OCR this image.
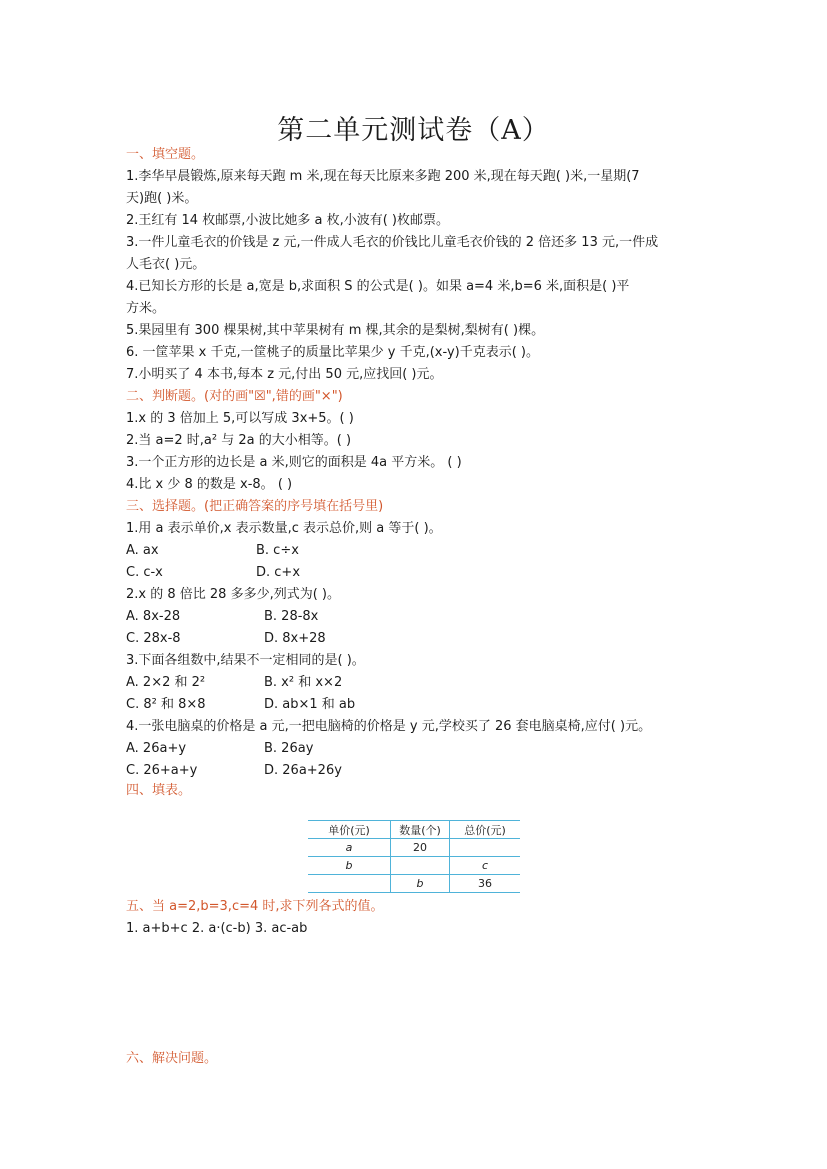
第二单元测试卷（A）
一、填空题。
1.李华早晨锻炼,原来每天跑 m 米,现在每天比原来多跑 200 米,现在每天跑( )米,一星期(7
天)跑( )米。
2.王红有 14 枚邮票,小波比她多 a 枚,小波有( )枚邮票。
3.一件儿童毛衣的价钱是 z 元,一件成人毛衣的价钱比儿童毛衣价钱的 2 倍还多 13 元,一件成
人毛衣( )元。
4.已知长方形的长是 a,宽是 b,求面积 S 的公式是( )。如果 a=4 米,b=6 米,面积是( )平
方米。
5.果园里有 300 棵果树,其中苹果树有 m 棵,其余的是梨树,梨树有( )棵。
6. 一筐苹果 x 千克,一筐桃子的质量比苹果少 y 千克,(x-y)千克表示( )。
7.小明买了 4 本书,每本 z 元,付出 50 元,应找回( )元。
二、判断题。(对的画"☒",错的画"×")
1.x 的 3 倍加上 5,可以写成 3x+5。( )
2.当 a=2 时,a² 与 2a 的大小相等。( )
3.一个正方形的边长是 a 米,则它的面积是 4a 平方米。 ( )
4.比 x 少 8 的数是 x-8。 ( )
三、选择题。(把正确答案的序号填在括号里)
1.用 a 表示单价,x 表示数量,c 表示总价,则 a 等于( )。
A. ax	B. c÷x
C. c-x	D. c+x
2.x 的 8 倍比 28 多多少,列式为( )。
A. 8x-28	B. 28-8x
C. 28x-8	D. 8x+28
3.下面各组数中,结果不一定相同的是( )。
A. 2×2 和 2²	B. x² 和 x×2
C. 8² 和 8×8	D. ab×1 和 ab
4.一张电脑桌的价格是 a 元,一把电脑椅的价格是 y 元,学校买了 26 套电脑桌椅,应付( )元。
A. 26a+y	B. 26ay
C. 26+a+y	D. 26a+26y
四、填表。
单价(元)	数量(个)	总价(元)
a	20	
b		c
	b	36
五、当 a=2,b=3,c=4 时,求下列各式的值。
1. a+b+c 2. a·(c-b) 3. ac-ab
六、解决问题。
